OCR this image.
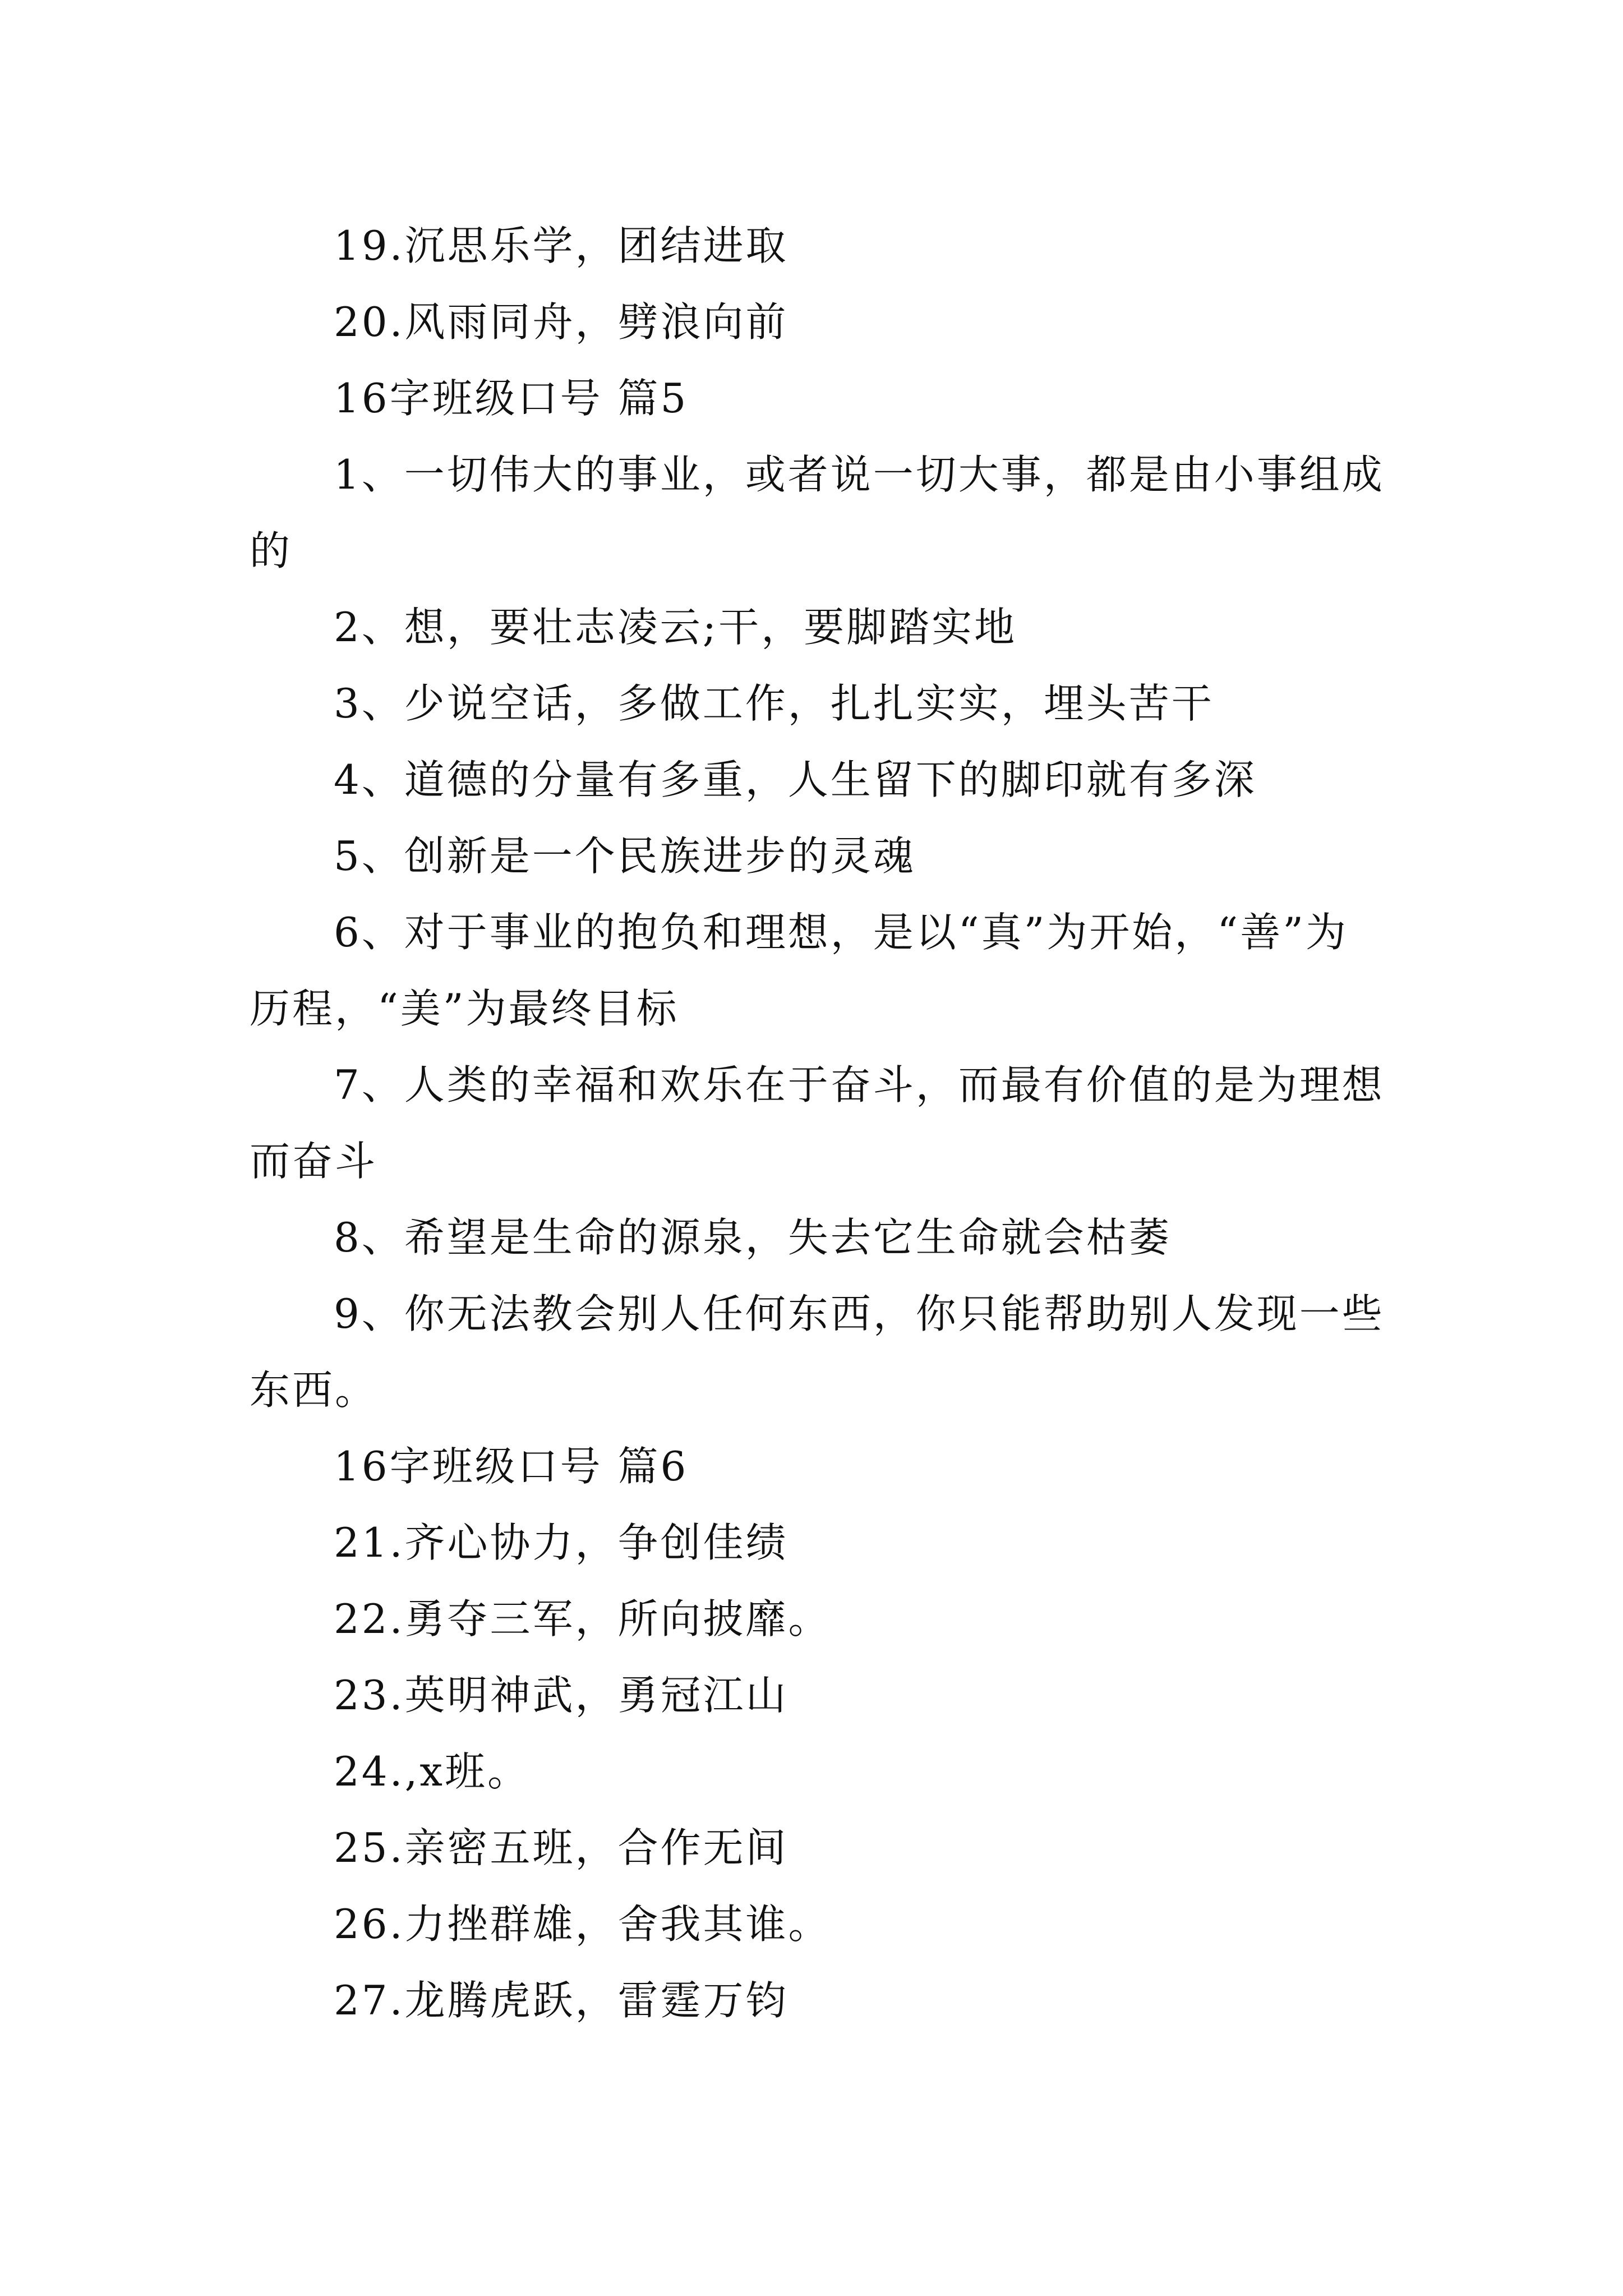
19.沉思乐学，团结进取

20.风雨同舟，劈浪向前

16字班级口号 篇5

1、一切伟大的事业，或者说一切大事，都是由小事组成的

2、想，要壮志凌云;干，要脚踏实地

3、少说空话，多做工作，扎扎实实，埋头苦干

4、道德的分量有多重，人生留下的脚印就有多深

5、创新是一个民族进步的灵魂

6、对于事业的抱负和理想，是以“真”为开始，“善”为历程，“美”为最终目标

7、人类的幸福和欢乐在于奋斗，而最有价值的是为理想而奋斗

8、希望是生命的源泉，失去它生命就会枯萎

9、你无法教会别人任何东西，你只能帮助别人发现一些东西。

16字班级口号 篇6

21.齐心协力，争创佳绩

22.勇夺三军，所向披靡。

23.英明神武，勇冠江山

24.,x班。

25.亲密五班，合作无间

26.力挫群雄，舍我其谁。

27.龙腾虎跃，雷霆万钧
